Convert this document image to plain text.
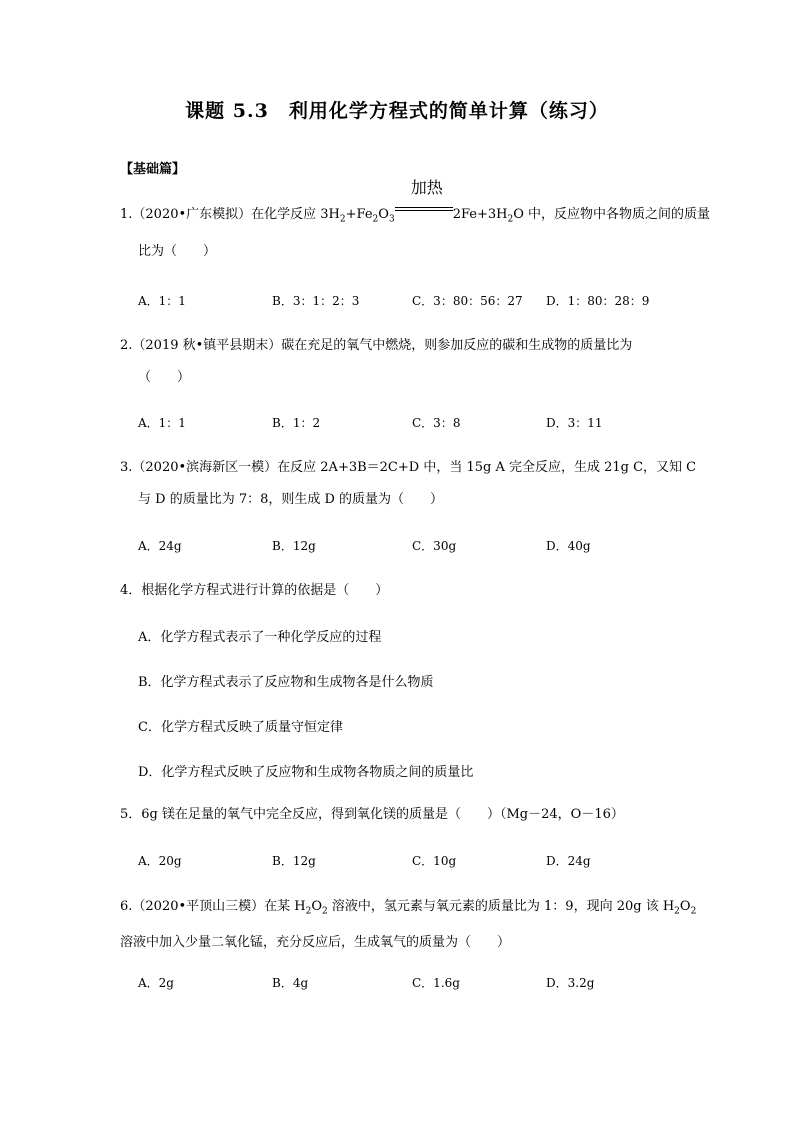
课题 5.3　利用化学方程式的简单计算（练习）
【基础篇】
1.（2020•广东模拟）在化学反应 $3H_2+Fe_2O_3$
加热
$2Fe+3H_2O$ 中，反应物中各物质之间的质量
比为（　　）
A．1：1	B．3：1：2：3	C．3：80：56：27 D．1：80：28：9
2.（2019 秋•镇平县期末）碳在充足的氧气中燃烧，则参加反应的碳和生成物的质量比为
（　　）
A．1：1	B．1：2	C．3：8	D．3：11
3.（2020•滨海新区一模）在反应 2A+3B＝2C+D 中，当 15g A 完全反应，生成 21g C，又知 C
与 D 的质量比为 7：8，则生成 D 的质量为（　　）
A．24g	B．12g	C．30g	D．40g
4．根据化学方程式进行计算的依据是（　　）
A．化学方程式表示了一种化学反应的过程
B．化学方程式表示了反应物和生成物各是什么物质
C．化学方程式反映了质量守恒定律
D．化学方程式反映了反应物和生成物各物质之间的质量比
5．6g 镁在足量的氧气中完全反应，得到氧化镁的质量是（　　）（Mg－24，O－16）
A．20g	B．12g	C．10g	D．24g
6.（2020•平顶山三模）在某 $H_2O_2$ 溶液中，氢元素与氧元素的质量比为 1：9，现向 20g 该 $H_2O_2$
溶液中加入少量二氧化锰，充分反应后，生成氧气的质量为（　　）
A．2g	B．4g	C．1.6g	D．3.2g
